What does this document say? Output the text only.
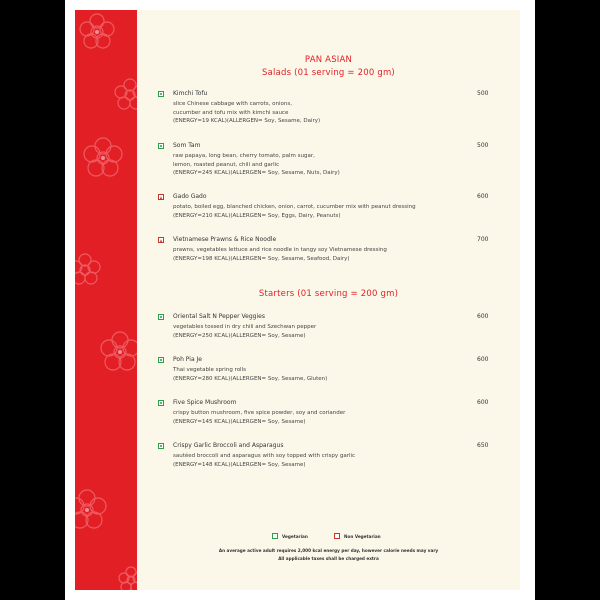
PAN ASIAN
Salads (01 serving = 200 gm)
Starters (01 serving = 200 gm)
Kimchi Tofu	500
slice Chinese cabbage with carrots, onions,
cucumber and tofu mix with kimchi sauce
(ENERGY=19 KCAL)(ALLERGEN= Soy, Sesame, Dairy)
Som Tam	500
raw papaya, long bean, cherry tomato, palm sugar,
lemon, roasted peanut, chili and garlic
(ENERGY=245 KCAL)(ALLERGEN= Soy, Sesame, Nuts, Dairy)
Gado Gado	600
potato, boiled egg, blanched chicken, onion, carrot, cucumber mix with peanut dressing
(ENERGY=210 KCAL)(ALLERGEN= Soy, Eggs, Dairy, Peanuts)
Vietnamese Prawns & Rice Noodle	700
prawns, vegetables lettuce and rice noodle in tangy soy Vietnamese dressing
(ENERGY=198 KCAL)(ALLERGEN= Soy, Sesame, Seafood, Dairy)
Oriental Salt N Pepper Veggies	600
vegetables tossed in dry chili and Szechwan pepper
(ENERGY=250 KCAL)(ALLERGEN= Soy, Sesame)
Poh Pia Je	600
Thai vegetable spring rolls
(ENERGY=280 KCAL)(ALLERGEN= Soy, Sesame, Gluten)
Five Spice Mushroom	600
crispy button mushroom, five spice powder, soy and coriander
(ENERGY=145 KCAL)(ALLERGEN= Soy, Sesame)
Crispy Garlic Broccoli and Asparagus	650
sautéed broccoli and asparagus with soy topped with crispy garlic
(ENERGY=148 KCAL)(ALLERGEN= Soy, Sesame)
Vegetarian	Non Vegetarian
An average active adult requires 2,000 kcal energy per day, however calorie needs may vary
All applicable taxes shall be charged extra
